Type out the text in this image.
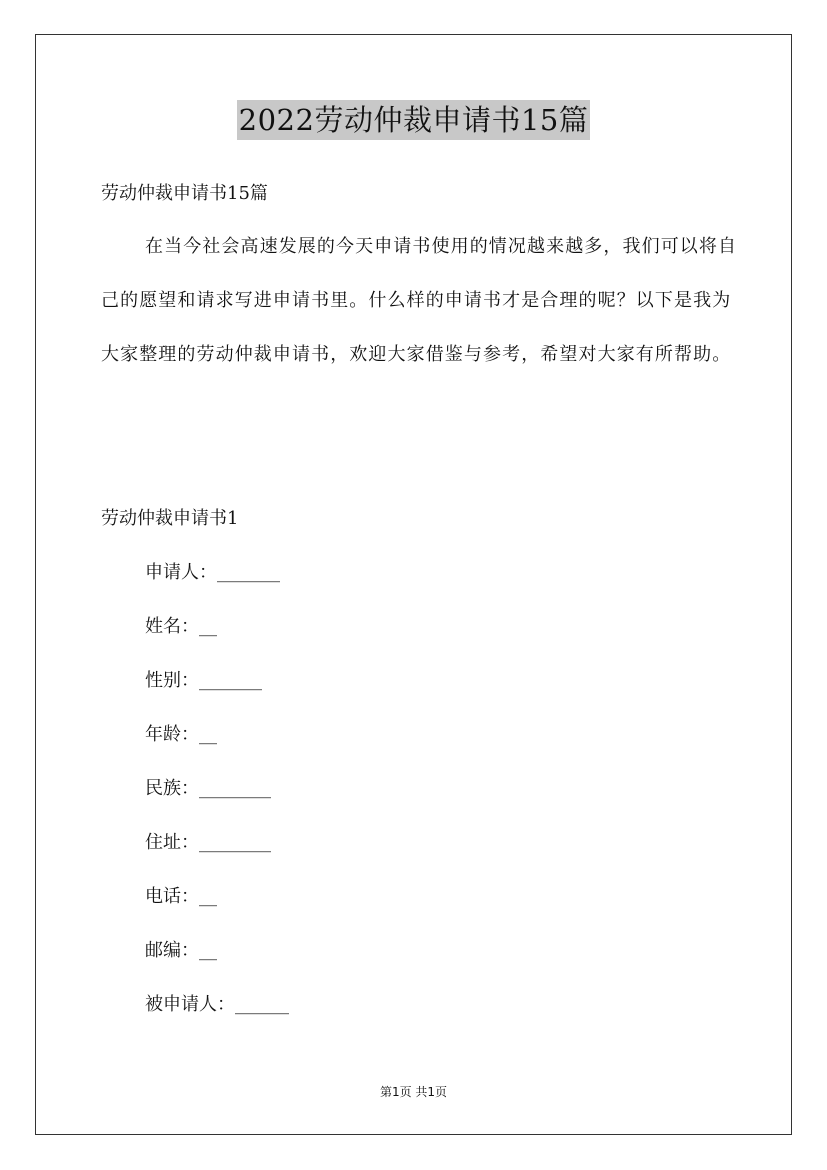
2022劳动仲裁申请书15篇
劳动仲裁申请书15篇
在当今社会高速发展的今天申请书使用的情况越来越多，我们可以将自己的愿望和请求写进申请书里。什么样的申请书才是合理的呢？以下是我为大家整理的劳动仲裁申请书，欢迎大家借鉴与参考，希望对大家有所帮助。
劳动仲裁申请书1
申请人：_______
姓名：__
性别：_______
年龄：__
民族：________
住址：________
电话：__
邮编：__
被申请人：______
第1页 共1页
